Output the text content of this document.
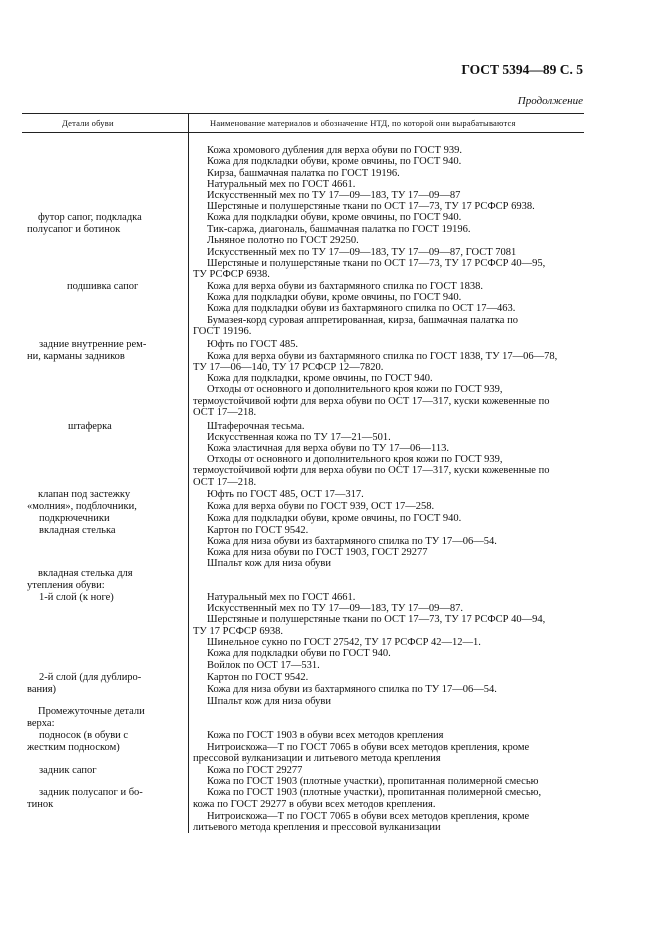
ГОСТ 5394—89 С. 5
Продолжение
Детали обуви	Наименование материалов и обозначение НТД, по которой они вырабатываются
футор сапог, подкладка
полусапог и ботинок
подшивка сапог
задние внутренние рем-
ни, карманы задников
штаферка
клапан под застежку
«молния», подблочники,
подкрючечники
вкладная стелька
вкладная стелька для
утепления обуви:
1-й слой (к ноге)
2-й слой (для дублиро-
вания)
Промежуточные детали
верха:
подносок (в обуви с
жестким подноском)
задник сапог
задник полусапог и бо-
тинок
Кожа хромового дубления для верха обуви по ГОСТ 939.
Кожа для подкладки обуви, кроме овчины, по ГОСТ 940.
Кирза, башмачная палатка по ГОСТ 19196.
Натуральный мех по ГОСТ 4661.
Искусственный мех по ТУ 17—09—183, ТУ 17—09—87
Шерстяные и полушерстяные ткани по ОСТ 17—73, ТУ 17 РСФСР 6938.
Кожа для подкладки обуви, кроме овчины, по ГОСТ 940.
Тик-саржа, диагональ, башмачная палатка по ГОСТ 19196.
Льняное полотно по ГОСТ 29250.
Искусственный мех по ТУ 17—09—183, ТУ 17—09—87, ГОСТ 7081
Шерстяные и полушерстяные ткани по ОСТ 17—73, ТУ 17 РСФСР 40—95,
ТУ РСФСР 6938.
Кожа для верха обуви из бахтармяного спилка по ГОСТ 1838.
Кожа для подкладки обуви, кроме овчины, по ГОСТ 940.
Кожа для подкладки обуви из бахтармяного спилка по ОСТ 17—463.
Бумазея-корд суровая аппретированная, кирза, башмачная палатка по
ГОСТ 19196.
Юфть по ГОСТ 485.
Кожа для верха обуви из бахтармяного спилка по ГОСТ 1838, ТУ 17—06—78,
ТУ 17—06—140, ТУ 17 РСФСР 12—7820.
Кожа для подкладки, кроме овчины, по ГОСТ 940.
Отходы от основного и дополнительного кроя кожи по ГОСТ 939,
термоустойчивой юфти для верха обуви по ОСТ 17—317, куски кожевенные по
ОСТ 17—218.
Штаферочная тесьма.
Искусственная кожа по ТУ 17—21—501.
Кожа эластичная для верха обуви по ТУ 17—06—113.
Отходы от основного и дополнительного кроя кожи по ГОСТ 939,
термоустойчивой юфти для верха обуви по ОСТ 17—317, куски кожевенные по
ОСТ 17—218.
Юфть по ГОСТ 485, ОСТ 17—317.
Кожа для верха обуви по ГОСТ 939, ОСТ 17—258.
Кожа для подкладки обуви, кроме овчины, по ГОСТ 940.
Картон по ГОСТ 9542.
Кожа для низа обуви из бахтармяного спилка по ТУ 17—06—54.
Кожа для низа обуви по ГОСТ 1903, ГОСТ 29277
Шпальт кож для низа обуви
Натуральный мех по ГОСТ 4661.
Искусственный мех по ТУ 17—09—183, ТУ 17—09—87.
Шерстяные и полушерстяные ткани по ОСТ 17—73, ТУ 17 РСФСР 40—94,
ТУ 17 РСФСР 6938.
Шинельное сукно по ГОСТ 27542, ТУ 17 РСФСР 42—12—1.
Кожа для подкладки обуви по ГОСТ 940.
Войлок по ОСТ 17—531.
Картон по ГОСТ 9542.
Кожа для низа обуви из бахтармяного спилка по ТУ 17—06—54.
Шпальт кож для низа обуви
Кожа по ГОСТ 1903 в обуви всех методов крепления
Нитроискожа—Т по ГОСТ 7065 в обуви всех методов крепления, кроме
прессовой вулканизации и литьевого метода крепления
Кожа по ГОСТ 29277
Кожа по ГОСТ 1903 (плотные участки), пропитанная полимерной смесью
Кожа по ГОСТ 1903 (плотные участки), пропитанная полимерной смесью,
кожа по ГОСТ 29277 в обуви всех методов крепления.
Нитроискожа—Т по ГОСТ 7065 в обуви всех методов крепления, кроме
литьевого метода крепления и прессовой вулканизации
